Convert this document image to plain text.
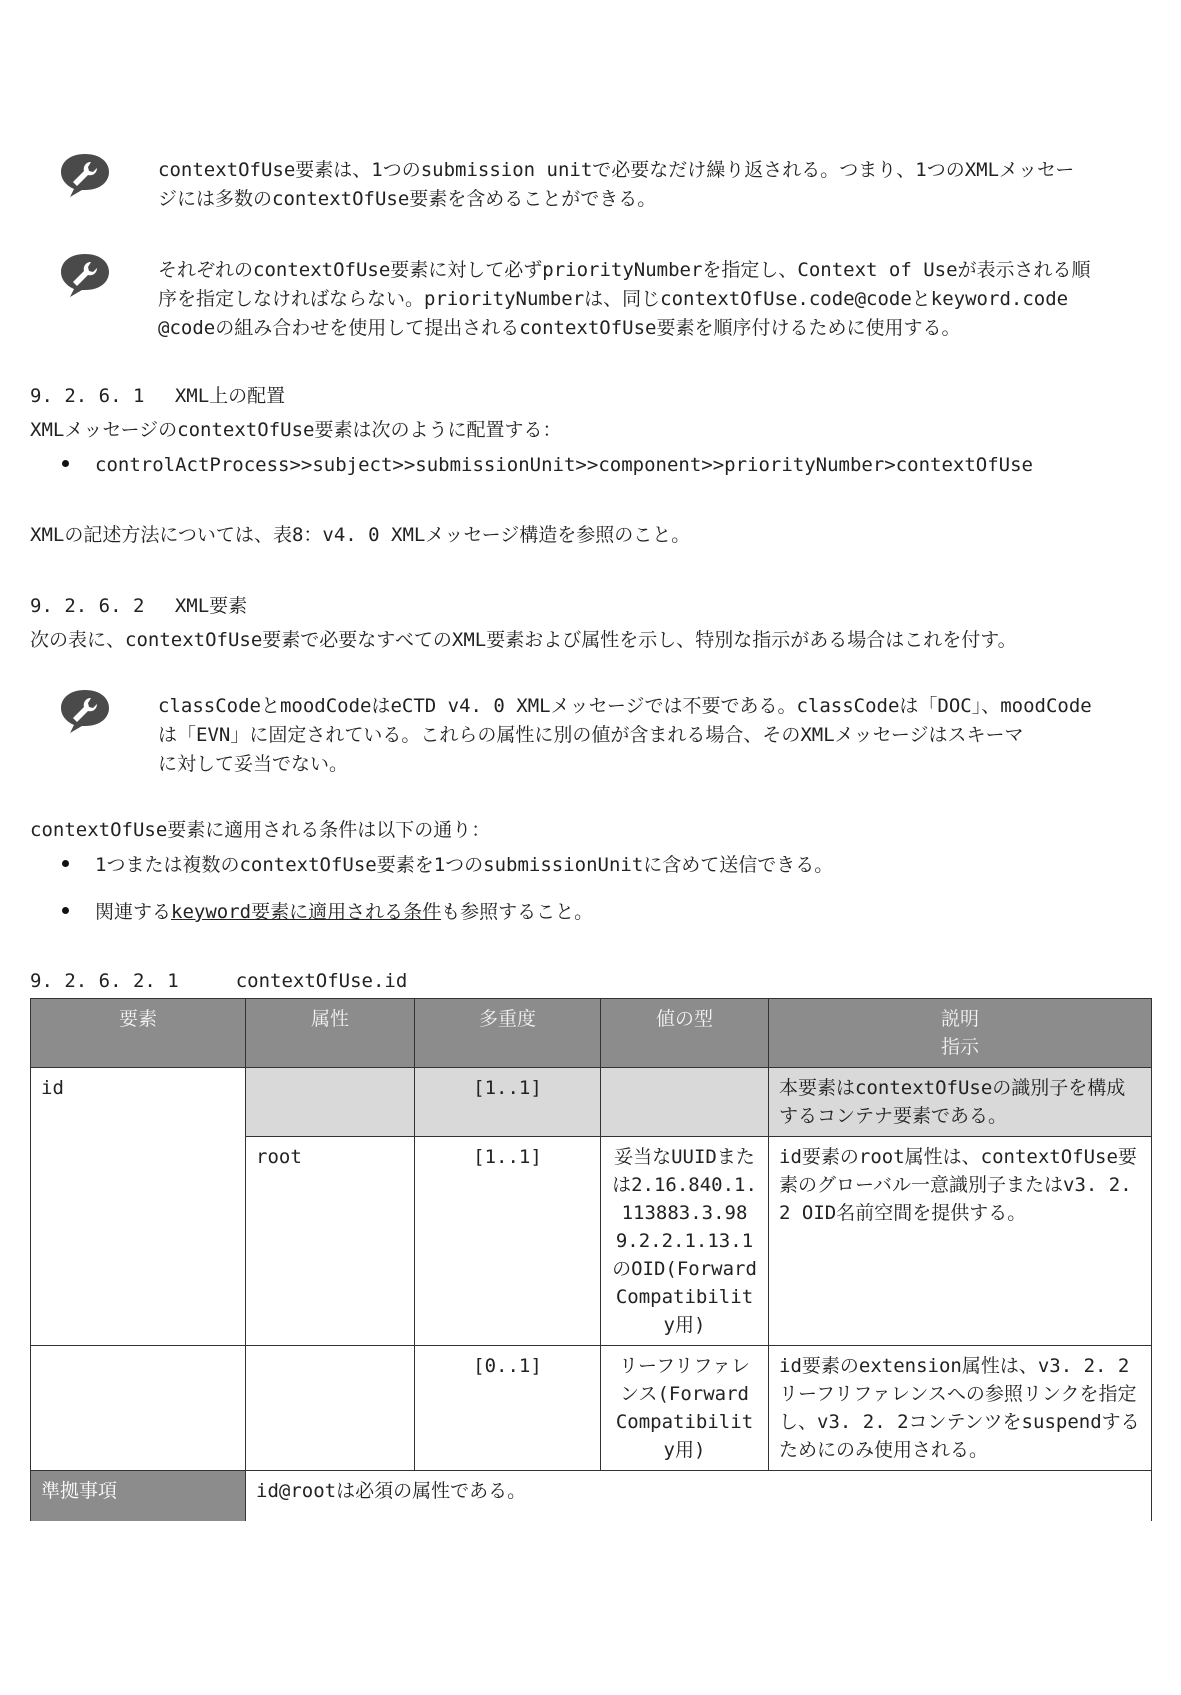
contextOfUse要素は、1つのsubmission unitで必要なだけ繰り返される。つまり、1つのXMLメッセー
ジには多数のcontextOfUse要素を含めることができる。
それぞれのcontextOfUse要素に対して必ずpriorityNumberを指定し、Context of Useが表示される順
序を指定しなければならない。priorityNumberは、同じcontextOfUse.code@codeとkeyword.code
@codeの組み合わせを使用して提出されるcontextOfUse要素を順序付けるために使用する。
9. 2. 6. 1　 XML上の配置
XMLメッセージのcontextOfUse要素は次のように配置する：
controlActProcess>>subject>>submissionUnit>>component>>priorityNumber>contextOfUse
XMLの記述方法については、表8：v4. 0 XMLメッセージ構造を参照のこと。
9. 2. 6. 2　 XML要素
次の表に、contextOfUse要素で必要なすべてのXML要素および属性を示し、特別な指示がある場合はこれを付す。
classCodeとmoodCodeはeCTD v4. 0 XMLメッセージでは不要である。classCodeは「DOC」、moodCode
は「EVN」に固定されている。これらの属性に別の値が含まれる場合、そのXMLメッセージはスキーマ
に対して妥当でない。
contextOfUse要素に適用される条件は以下の通り：
1つまたは複数のcontextOfUse要素を1つのsubmissionUnitに含めて送信できる。
関連するkeyword要素に適用される条件も参照すること。
9. 2. 6. 2. 1　　　contextOfUse.id
要素	属性	多重度	値の型	説明
指示

id		[1..1]		本要素はcontextOfUseの識別子を構成するコンテナ要素である。
	root	[1..1]	妥当なUUIDまたは2.16.840.1.113883.3.989.2.2.1.13.1のOID(Forward Compatibility用)	id要素のroot属性は、contextOfUse要素のグローバル一意識別子またはv3. 2. 2 OID名前空間を提供する。
		[0..1]	リーフリファレンス(Forward Compatibility用)	id要素のextension属性は、v3. 2. 2リーフリファレンスへの参照リンクを指定し、v3. 2. 2コンテンツをsuspendするためにのみ使用される。
準拠事項	id@rootは必須の属性である。			
